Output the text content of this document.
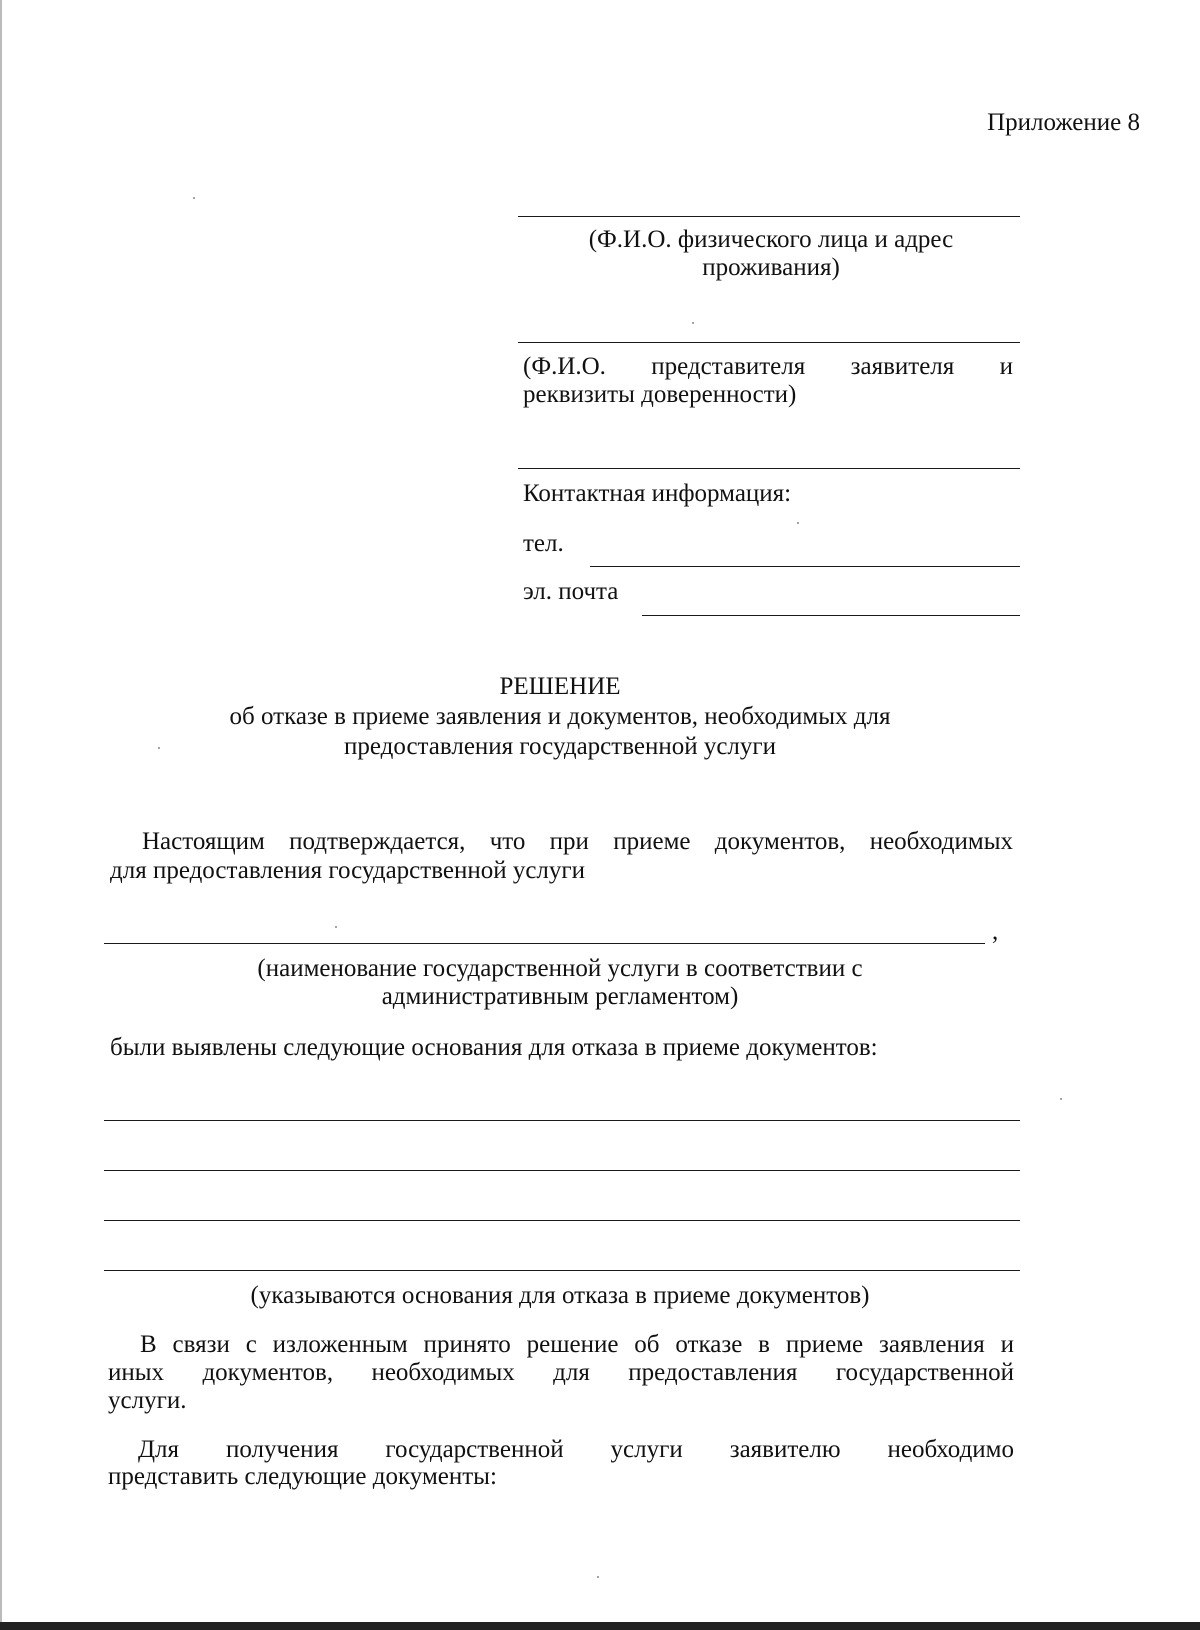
Приложение 8
(Ф.И.О. физического лица и адрес проживания)
(Ф.И.О. представителя заявителя и
реквизиты доверенности)
Контактная информация:
тел.
эл. почта
РЕШЕНИЕ
об отказе в приеме заявления и документов, необходимых для
предоставления государственной услуги
Настоящим подтверждается, что при приеме документов, необходимых
для предоставления государственной услуги
,
(наименование государственной услуги в соответствии с
административным регламентом)
были выявлены следующие основания для отказа в приеме документов:
(указываются основания для отказа в приеме документов)
В связи с изложенным принято решение об отказе в приеме заявления и
иных документов, необходимых для предоставления государственной
услуги.
Для получения государственной услуги заявителю необходимо
представить следующие документы:
